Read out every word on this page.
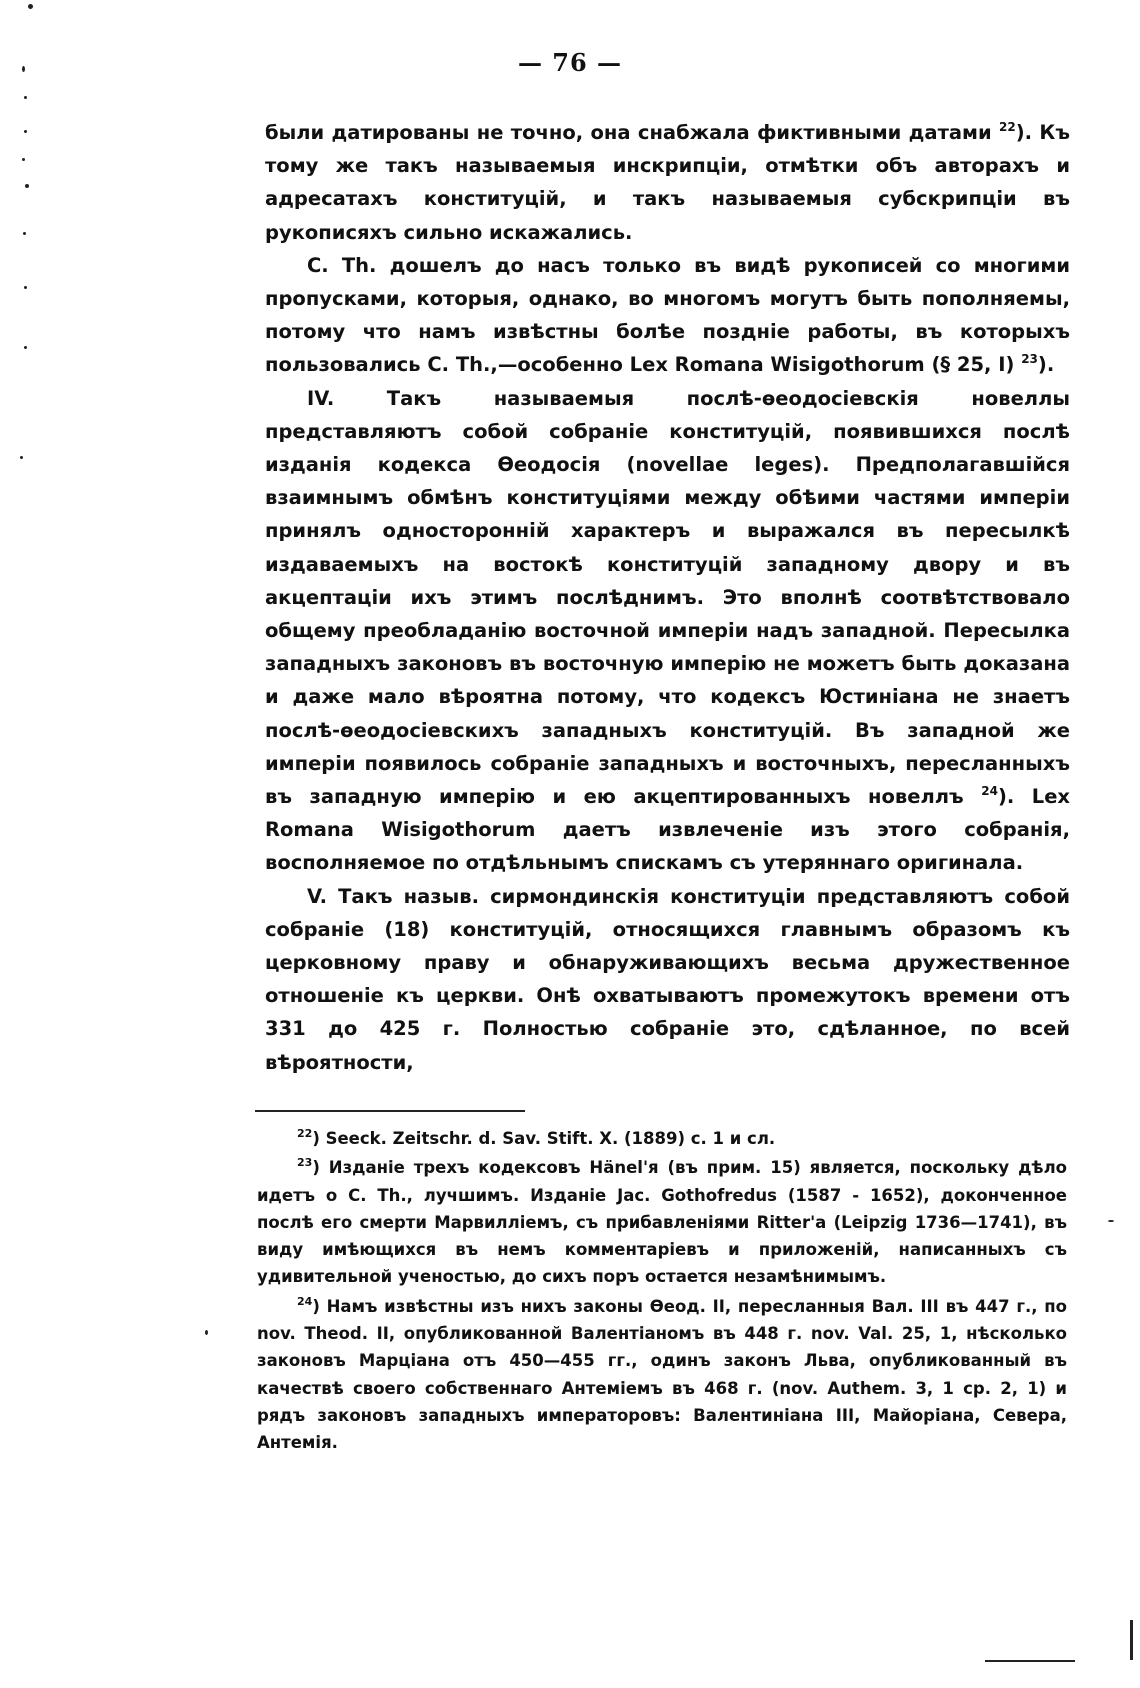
— 76 —

были датированы не точно, она снабжала фиктивными датами $^{22}$). Къ тому же такъ называемыя инскрипціи, отмѣтки объ авторахъ и адресатахъ конституцій, и такъ называемыя субскрипціи въ рукописяхъ сильно искажались.

C. Th. дошелъ до насъ только въ видѣ рукописей со многими пропусками, которыя, однако, во многомъ могутъ быть пополняемы, потому что намъ извѣстны болѣе поздніе работы, въ которыхъ пользовались C. Th.,—особенно Lex Romana Wisigothorum (§ 25, I) $^{23}$).

IV. Такъ называемыя послѣ-ѳеодосіевскія новеллы представляютъ собой собраніе конституцій, появившихся послѣ изданія кодекса Ѳеодосія (novellae leges). Предполагавшійся взаимнымъ обмѣнъ конституціями между обѣими частями имперіи принялъ односторонній характеръ и выражался въ пересылкѣ издаваемыхъ на востокѣ конституцій западному двору и въ акцептаціи ихъ этимъ послѣднимъ. Это вполнѣ соотвѣтствовало общему преобладанію восточной имперіи надъ западной. Пересылка западныхъ законовъ въ восточную имперію не можетъ быть доказана и даже мало вѣроятна потому, что кодексъ Юстиніана не знаетъ послѣ-ѳеодосіевскихъ западныхъ конституцій. Въ западной же имперіи появилось собраніе западныхъ и восточныхъ, пересланныхъ въ западную имперію и ею акцептированныхъ новеллъ $^{24}$). Lex Romana Wisigothorum даетъ извлеченіе изъ этого собранія, восполняемое по отдѣльнымъ спискамъ съ утеряннаго оригинала.

V. Такъ назыв. сирмондинскія конституціи представляютъ собой собраніе (18) конституцій, относящихся главнымъ образомъ къ церковному праву и обнаруживающихъ весьма дружественное отношеніе къ церкви. Онѣ охватываютъ промежутокъ времени отъ 331 до 425 г. Полностью собраніе это, сдѣланное, по всей вѣроятности,

$^{22}$) Seeck. Zeitschr. d. Sav. Stift. X. (1889) с. 1 и сл.

$^{23}$) Изданіе трехъ кодексовъ Hänel'я (въ прим. 15) является, поскольку дѣло идетъ о C. Th., лучшимъ. Изданіе Jac. Gothofredus (1587 - 1652), доконченное послѣ его смерти Марвилліемъ, съ прибавленіями Ritter'a (Leipzig 1736—1741), въ виду имѣющихся въ немъ комментаріевъ и приложеній, написанныхъ съ удивительной ученостью, до сихъ поръ остается незамѣнимымъ.

$^{24}$) Намъ извѣстны изъ нихъ законы Ѳеод. II, пересланныя Вал. III въ 447 г., по nov. Theod. II, опубликованной Валентіаномъ въ 448 г. nov. Val. 25, 1, нѣсколько законовъ Марціана отъ 450—455 гг., одинъ законъ Льва, опубликованный въ качествѣ своего собственнаго Антеміемъ въ 468 г. (nov. Authem. 3, 1 ср. 2, 1) и рядъ законовъ западныхъ императоровъ: Валентиніана III, Майоріана, Севера, Антемія.
